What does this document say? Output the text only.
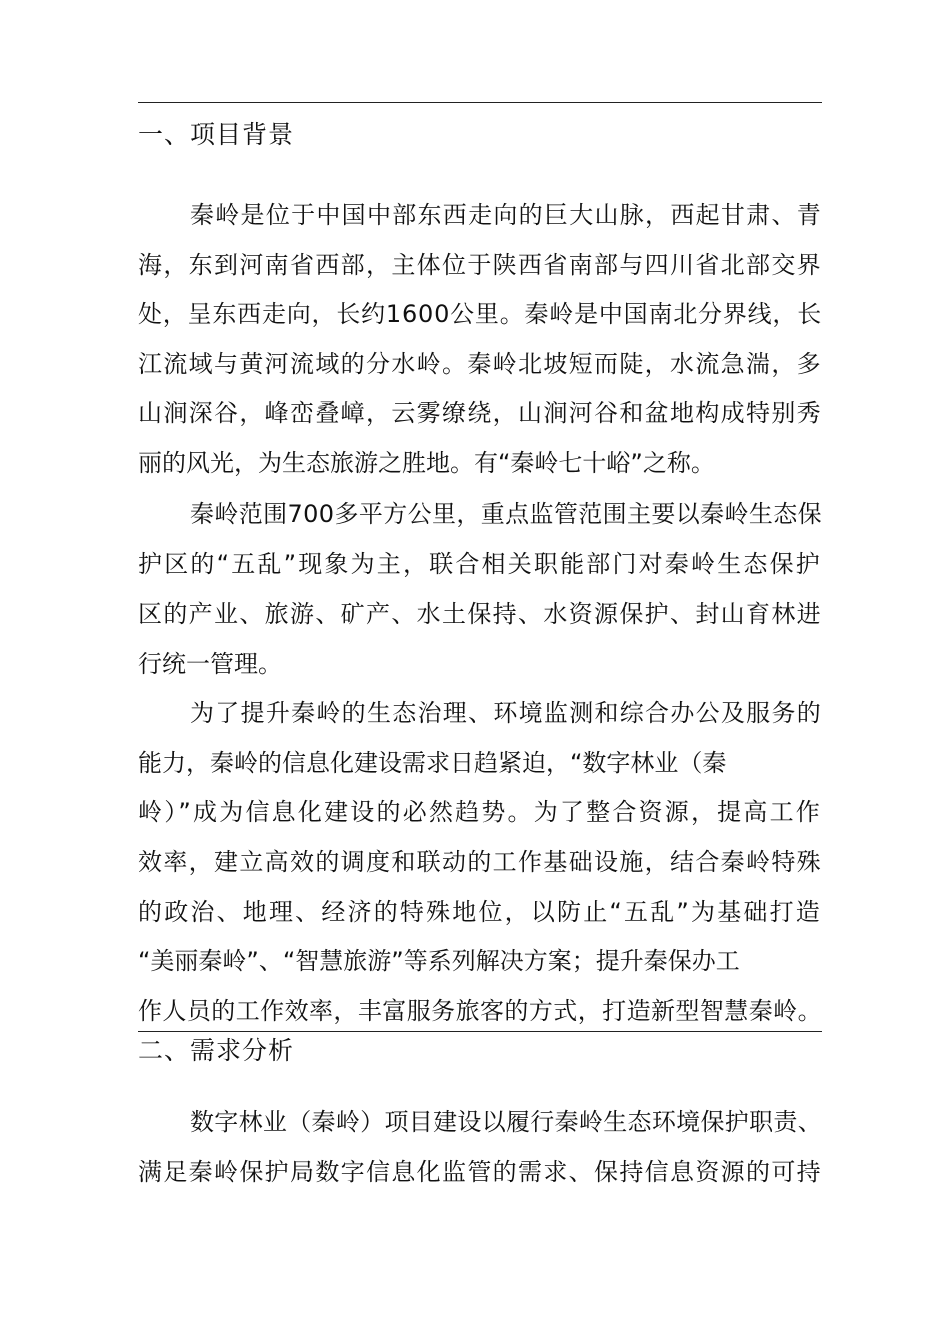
一、项目背景
秦岭是位于中国中部东西走向的巨大山脉，西起甘肃、青
海，东到河南省西部，主体位于陕西省南部与四川省北部交界
处，呈东西走向，长约1600公里。秦岭是中国南北分界线，长
江流域与黄河流域的分水岭。秦岭北坡短而陡，水流急湍，多
山涧深谷，峰峦叠嶂，云雾缭绕，山涧河谷和盆地构成特别秀
丽的风光，为生态旅游之胜地。有“秦岭七十峪”之称。
秦岭范围700多平方公里，重点监管范围主要以秦岭生态保
护区的“五乱”现象为主，联合相关职能部门对秦岭生态保护
区的产业、旅游、矿产、水土保持、水资源保护、封山育林进
行统一管理。
为了提升秦岭的生态治理、环境监测和综合办公及服务的
能力，秦岭的信息化建设需求日趋紧迫，“数字林业（秦
岭）”成为信息化建设的必然趋势。为了整合资源，提高工作
效率，建立高效的调度和联动的工作基础设施，结合秦岭特殊
的政治、地理、经济的特殊地位，以防止“五乱”为基础打造
“美丽秦岭”、“智慧旅游”等系列解决方案；提升秦保办工
作人员的工作效率，丰富服务旅客的方式，打造新型智慧秦岭。
二、需求分析
数字林业（秦岭）项目建设以履行秦岭生态环境保护职责、
满足秦岭保护局数字信息化监管的需求、保持信息资源的可持
